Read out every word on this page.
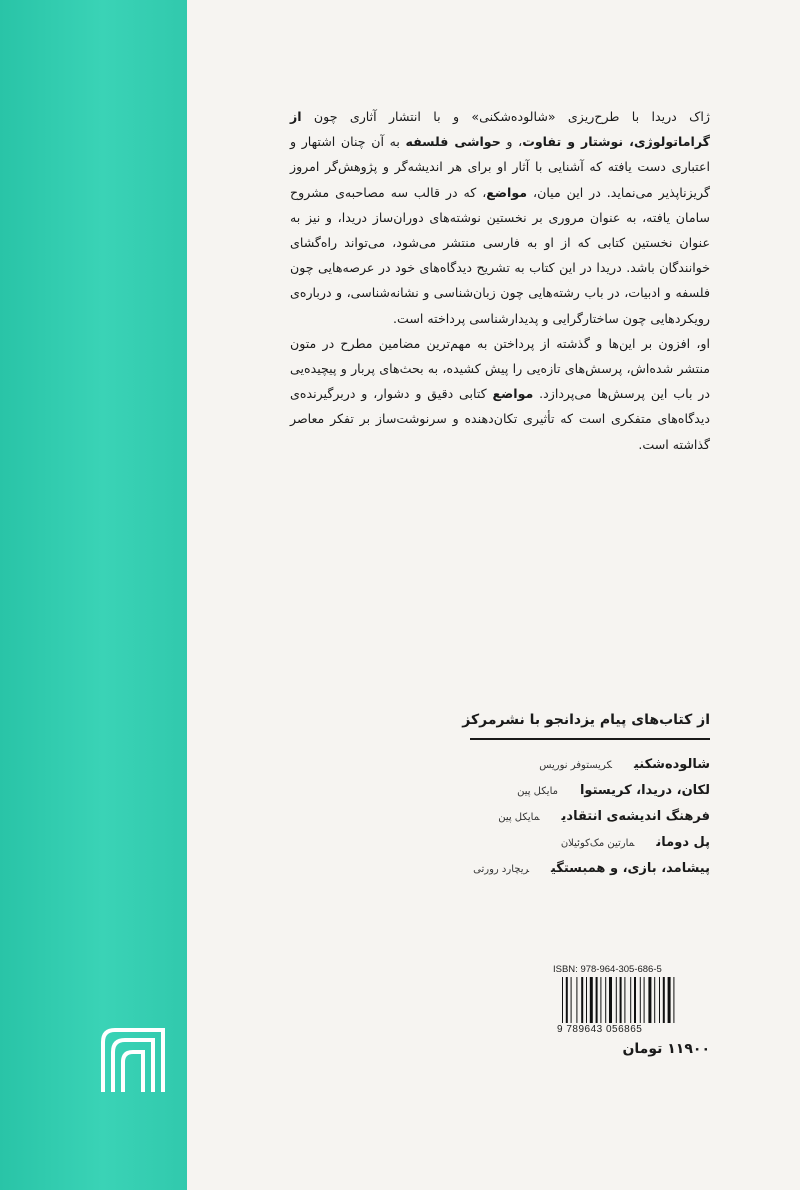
ژاک دریدا با طرح‌ریزی «شالوده‌شکنی» و با انتشار آثاری چون از گراماتولوژی، نوشتار و تفاوت، و حواشی فلسفه به آن چنان اشتهار و اعتباری دست یافته که آشنایی با آثار او برای هر اندیشه‌گر و پژوهش‌گر امروز گریزناپذیر می‌نماید. در این میان، مواضع، که در قالب سه مصاحبه‌ی مشروح سامان یافته، به عنوان مروری بر نخستین نوشته‌های دوران‌ساز دریدا، و نیز به عنوان نخستین کتابی که از او به فارسی منتشر می‌شود، می‌تواند راه‌گشای خوانندگان باشد. دریدا در این کتاب به تشریح دیدگاه‌های خود در عرصه‌هایی چون فلسفه و ادبیات، در باب رشته‌هایی چون زبان‌شناسی و نشانه‌شناسی، و درباره‌ی رویکردهایی چون ساختارگرایی و پدیدارشناسی پرداخته است.

او، افزون بر این‌ها و گذشته از پرداختن به مهم‌ترین مضامین مطرح در متون منتشر شده‌اش، پرسش‌های تازه‌یی را پیش کشیده، به بحث‌های پربار و پیچیده‌یی در باب این پرسش‌ها می‌پردازد. مواضع کتابی دقیق و دشوار، و دربرگیرنده‌ی دیدگاه‌های متفکری است که تأثیری تکان‌دهنده و سرنوشت‌ساز بر تفکر معاصر گذاشته است.

از کتاب‌های پیام یزدانجو با نشرمرکز
شالوده‌شکنیکریستوفر نوریس
لکان، دریدا، کریستوامایکل پین
فرهنگ اندیشه‌ی انتقادیمایکل پین
پل دومانمارتین مک‌کوئیلان
پیشامد، بازی، و همبستگیریچارد رورتی
ISBN: 978-964-305-686-5
9 789643 056865
۱۱۹۰۰ تومان
